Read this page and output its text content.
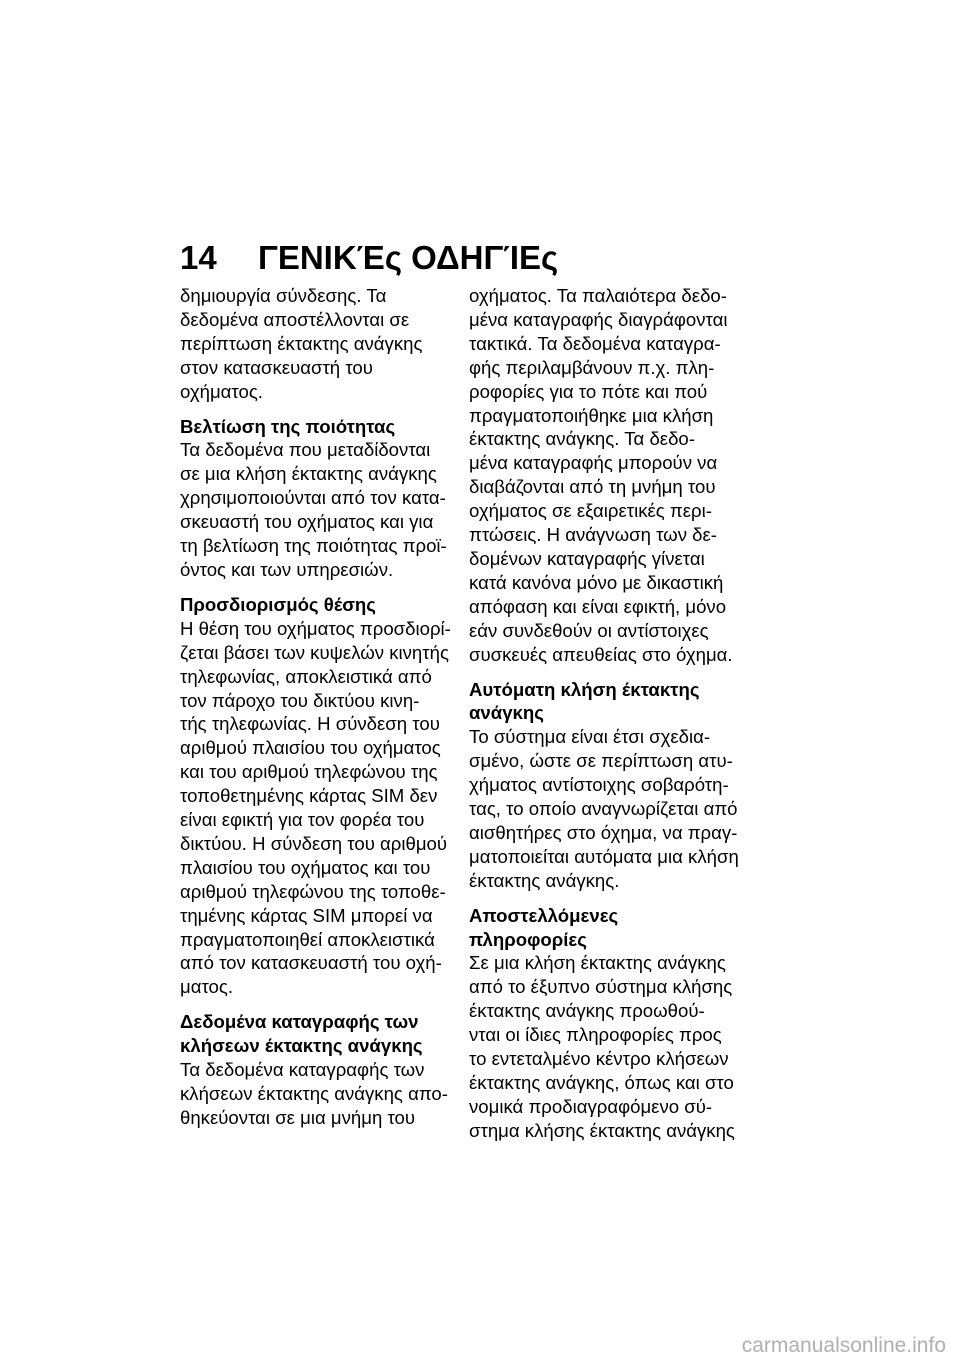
14 ΓΕΝΙΚΈς ΟΔΗΓΊΕς

δημιουργία σύνδεσης. Τα
δεδομένα αποστέλλονται σε
περίπτωση έκτακτης ανάγκης
στον κατασκευαστή του
οχήματος.

Βελτίωση της ποιότητας

Τα δεδομένα που μεταδίδονται
σε μια κλήση έκτακτης ανάγκης
χρησιμοποιούνται από τον κατα-
σκευαστή του οχήματος και για
τη βελτίωση της ποιότητας προϊ-
όντος και των υπηρεσιών.

Προσδιορισμός θέσης

Η θέση του οχήματος προσδιορί-
ζεται βάσει των κυψελών κινητής
τηλεφωνίας, αποκλειστικά από
τον πάροχο του δικτύου κινη-
τής τηλεφωνίας. Η σύνδεση του
αριθμού πλαισίου του οχήματος
και του αριθμού τηλεφώνου της
τοποθετημένης κάρτας SIM δεν
είναι εφικτή για τον φορέα του
δικτύου. Η σύνδεση του αριθμού
πλαισίου του οχήματος και του
αριθμού τηλεφώνου της τοποθε-
τημένης κάρτας SIM μπορεί να
πραγματοποιηθεί αποκλειστικά
από τον κατασκευαστή του οχή-
ματος.

Δεδομένα καταγραφής των
κλήσεων έκτακτης ανάγκης

Τα δεδομένα καταγραφής των
κλήσεων έκτακτης ανάγκης απο-
θηκεύονται σε μια μνήμη του

οχήματος. Τα παλαιότερα δεδο-
μένα καταγραφής διαγράφονται
τακτικά. Τα δεδομένα καταγρα-
φής περιλαμβάνουν π.χ. πλη-
ροφορίες για το πότε και πού
πραγματοποιήθηκε μια κλήση
έκτακτης ανάγκης. Τα δεδο-
μένα καταγραφής μπορούν να
διαβάζονται από τη μνήμη του
οχήματος σε εξαιρετικές περι-
πτώσεις. Η ανάγνωση των δε-
δομένων καταγραφής γίνεται
κατά κανόνα μόνο με δικαστική
απόφαση και είναι εφικτή, μόνο
εάν συνδεθούν οι αντίστοιχες
συσκευές απευθείας στο όχημα.

Αυτόματη κλήση έκτακτης
ανάγκης

Το σύστημα είναι έτσι σχεδια-
σμένο, ώστε σε περίπτωση ατυ-
χήματος αντίστοιχης σοβαρότη-
τας, το οποίο αναγνωρίζεται από
αισθητήρες στο όχημα, να πραγ-
ματοποιείται αυτόματα μια κλήση
έκτακτης ανάγκης.

Αποστελλόμενες
πληροφορίες

Σε μια κλήση έκτακτης ανάγκης
από το έξυπνο σύστημα κλήσης
έκτακτης ανάγκης προωθού-
νται οι ίδιες πληροφορίες προς
το εντεταλμένο κέντρο κλήσεων
έκτακτης ανάγκης, όπως και στο
νομικά προδιαγραφόμενο σύ-
στημα κλήσης έκτακτης ανάγκης

carmanualsonline.info
